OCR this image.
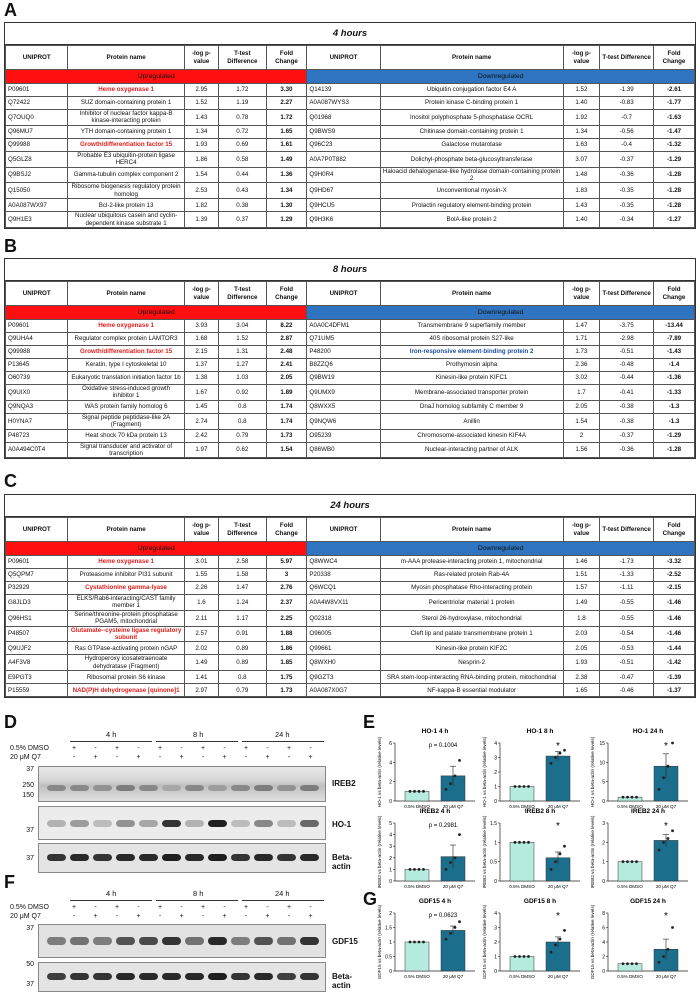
A
B
C
D	E
F
G
4 hours
UNIPROT	Protein name	-log p-value	T-test Difference	Fold Change	UNIPROT	Protein name	-log p-value	T-test Difference	Fold Change
Upregulated					Downregulated				
P09601	Heme oxygenase 1	2.95	1.72	3.30	Q14139	Ubiquitin conjugation factor E4 A	1.52	-1.39	-2.61
Q72422	SUZ domain-containing protein 1	1.52	1.19	2.27	A0A087WYS3	Protein kinase C-binding protein 1	1.40	-0.83	-1.77
Q7OUQ0	Inhibitor of nuclear factor kappa-B kinase-interacting protein	1.43	0.78	1.72	Q01968	Inositol polyphosphate 5-phosphatase OCRL	1.92	-0.7	-1.63
Q96MU7	YTH domain-containing protein 1	1.34	0.72	1.65	Q9BWS9	Chitinase domain-containing protein 1	1.34	-0.56	-1.47
Q99988	Growth/differentiation factor 15	1.93	0.69	1.61	Q96C23	Galactose mutarotase	1.63	-0.4	-1.32
Q5GLZ8	Probable E3 ubiquitin-protein ligase HERC4	1.86	0.58	1.49	A0A7P0T882	Dolichyl-phosphate beta-glucosyltransferase	3.07	-0.37	-1.29
Q9BSJ2	Gamma-tubulin complex component 2	1.54	0.44	1.36	Q9H0R4	Haloacid dehalogenase-like hydrolase domain-containing protein 2	1.48	-0.36	-1.28
Q15050	Ribosome biogenesis regulatory protein homolog	2.53	0.43	1.34	Q9HD67	Unconventional myosin-X	1.83	-0.35	-1.28
A0A087WX97	Bcl-2-like protein 13	1.82	0.38	1.30	Q9HCU5	Prolactin regulatory element-binding protein	1.43	-0.35	-1.28
Q9H1E3	Nuclear ubiquitous casein and cyclin-dependent kinase substrate 1	1.39	0.37	1.29	Q9H3K6	BolA-like protein 2	1.40	-0.34	-1.27
8 hours
UNIPROT	Protein name	-log p-value	T-test Difference	Fold Change	UNIPROT	Protein name	-log p-value	T-test Difference	Fold Change
Upregulated					Downregulated				
P09601	Heme oxygenase 1	3.93	3.04	8.22	A0A0C4DFM1	Transmembrane 9 superfamily member	1.47	-3.75	-13.44
Q9UHA4	Regulator complex protein LAMTOR3	1.68	1.52	2.87	Q71UM5	40S ribosomal protein S27-like	1.71	-2.98	-7.89
Q99988	Growth/differentiation factor 15	2.15	1.31	2.48	P48200	Iron-responsive element-binding protein 2	1.73	-0.51	-1.43
P13645	Keratin, type I cytoskeletal 10	1.37	1.27	2.41	B8ZZQ6	Prothymosin alpha	2.36	-0.48	-1.4
O60739	Eukaryotic translation initiation factor 1b	1.38	1.03	2.05	Q9BW19	Kinesin-like protein KIFC1	3.02	-0.44	-1.36
Q9UIX0	Oxidative stress-induced growth inhibitor 1	1.67	0.92	1.89	Q9UMX9	Membrane-associated transporter protein	1.7	-0.41	-1.33
Q9NQA3	WAS protein family homolog 6	1.45	0.8	1.74	Q8WXX5	DnaJ homolog subfamily C member 9	2.05	-0.38	-1.3
H0YNA7	Signal peptide peptidase-like 2A (Fragment)	2.74	0.8	1.74	Q9NQW6	Anillin	1.54	-0.38	-1.3
P48723	Heat shock 70 kDa protein 13	2.42	0.79	1.73	O95239	Chromosome-associated kinesin KIF4A	2	-0.37	-1.29
A0A494C0T4	Signal transducer and activator of transcription	1.97	0.62	1.54	Q86WB0	Nuclear-interacting partner of ALK	1.56	-0.36	-1.28
24 hours
UNIPROT	Protein name	-log p-value	T-test Difference	Fold Change	UNIPROT	Protein name	-log p-value	T-test Difference	Fold Change
Upregulated					Downregulated				
P09601	Heme oxygenase 1	3.01	2.58	5.97	Q8WWC4	m-AAA protease-interacting protein 1, mitochondrial	1.46	-1.73	-3.32
Q5QPM7	Proteasome inhibitor PI31 subunit	1.55	1.58	3	P20338	Ras-related protein Rab-4A	1.51	-1.33	-2.52
P32929	Cystathionine gamma-lyase	2.26	1.47	2.76	Q6WCQ1	Myosin phosphatase Rho-interacting protein	1.57	-1.11	-2.15
G8JLD3	ELKS/Rab6-interacting/CAST family member 1	1.6	1.24	2.37	A0A4W8VX11	Pericentriolar material 1 protein	1.49	-0.55	-1.46
Q96HS1	Serine/threonine-protein phosphatase PGAM5, mitochondrial	2.11	1.17	2.25	Q02318	Sterol 26-hydroxylase, mitochondrial	1.8	-0.55	-1.46
P48507	Glutamate--cysteine ligase regulatory subunit	2.57	0.91	1.88	O96005	Cleft lip and palate transmembrane protein 1	2.03	-0.54	-1.46
Q9UJF2	Ras GTPase-activating protein nGAP	2.02	0.89	1.86	Q99661	Kinesin-like protein KIF2C	2.05	-0.53	-1.44
A4F3V8	Hydroperoxy icosatetraenoate dehydratase (Fragment)	1.49	0.89	1.85	Q8WXH0	Nesprin-2	1.93	-0.51	-1.42
E9PGT3	Ribosomal protein S6 kinase	1.41	0.8	1.75	Q9GZT3	SRA stem-loop-interacting RNA-binding protein, mitochondrial	2.38	-0.47	-1.39
P15559	NAD(P)H dehydrogenase [quinone]1	2.97	0.79	1.73	A0A087X0G7	NF-kappa-B essential modulator	1.65	-0.46	-1.37
4 h	8 h	24 h
0.5% DMSO
20 μM Q7
+
-
-
+
+
-
-
+
+
-
-
+
+
-
-
+
+
-
-
+
+
-
-
+
37
250
150
37
37
IREB2
HO-1
Beta-actin
4 h	8 h	24 h
0.5% DMSO
20 μM Q7
+
-
-
+
+
-
-
+
+
-
-
+
+
-
-
+
+
-
-
+
+
-
-
+
37
50
37
GDF15
Beta-actin
HO-1 4 h
0
2
4
6
HO-1 vs beta-actin (relative levels)	0.5% DMSO	20 μM Q7
p = 0.1004
HO-1 8 h
0
1
2
3
4
HO-1 vs beta-actin (relative levels)	0.5% DMSO	20 μM Q7
*
HO-1 24 h
0
5
10
15
HO-1 vs beta-actin (relative levels)	0.5% DMSO	20 μM Q7
*
IREB2 4 h
0
1
2
3
4
5
IREB2 vs beta-actin (relative levels)	0.5% DMSO	20 μM Q7
p = 0.2981
IREB2 8 h
0
0.5
1
1.5
IREB2 vs beta-actin (relative levels)	0.5% DMSO	20 μM Q7
*
IREB2 24 h
0
1
2
3
IREB2 vs beta-actin (relative levels)	0.5% DMSO	20 μM Q7
*
GDF15 4 h
0
0.5
1
1.5
2
GDF15 vs beta-actin (relative levels)	0.5% DMSO	20 μM Q7
p = 0.0623
GDF15 8 h
0
1
2
3
4
GDF15 vs beta-actin (relative levels)	0.5% DMSO	20 μM Q7
*
GDF15 24 h
0
2
4
6
8
GDF15 vs beta-actin (relative levels)	0.5% DMSO	20 μM Q7
*
